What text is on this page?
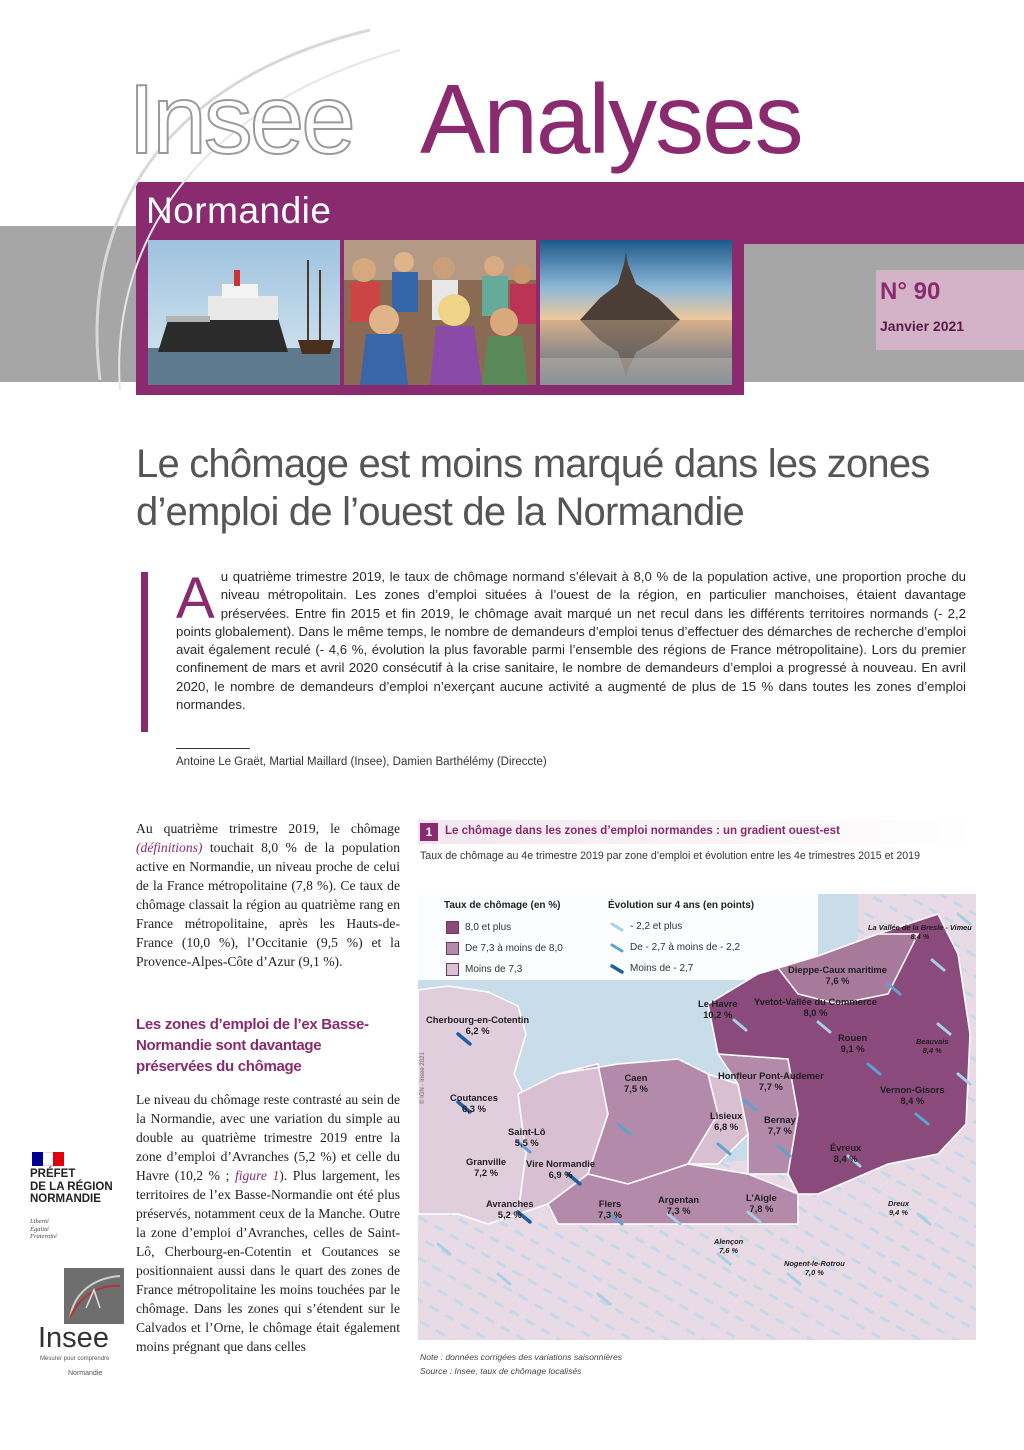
Insee Analyses
Normandie
N° 90
Janvier 2021
Le chômage est moins marqué dans les zones d’emploi de l’ouest de la Normandie

Au quatrième trimestre 2019, le taux de chômage normand s’élevait à 8,0 % de la population active, une proportion proche du niveau métropolitain. Les zones d’emploi situées à l’ouest de la région, en particulier manchoises, étaient davantage préservées. Entre fin 2015 et fin 2019, le chômage avait marqué un net recul dans les différents territoires normands (- 2,2 points globalement). Dans le même temps, le nombre de demandeurs d’emploi tenus d’effectuer des démarches de recherche d’emploi avait également reculé (- 4,6 %, évolution la plus favorable parmi l’ensemble des régions de France métropolitaine). Lors du premier confinement de mars et avril 2020 consécutif à la crise sanitaire, le nombre de demandeurs d’emploi a progressé à nouveau. En avril 2020, le nombre de demandeurs d’emploi n’exerçant aucune activité a augmenté de plus de 15 % dans toutes les zones d’emploi normandes.

Antoine Le Graët, Martial Maillard (Insee), Damien Barthélémy (Direccte)

Au quatrième trimestre 2019, le chômage (définitions) touchait 8,0 % de la population active en Normandie, un niveau proche de celui de la France métropolitaine (7,8 %). Ce taux de chômage classait la région au quatrième rang en France métropolitaine, après les Hauts-de-France (10,0 %), l’Occitanie (9,5 %) et la Provence-Alpes-Côte d’Azur (9,1 %).

Les zones d’emploi de l’ex Basse-Normandie sont davantage préservées du chômage

Le niveau du chômage reste contrasté au sein de la Normandie, avec une variation du simple au double au quatrième trimestre 2019 entre la zone d’emploi d’Avranches (5,2 %) et celle du Havre (10,2 % ; figure 1). Plus largement, les territoires de l’ex Basse-Normandie ont été plus préservés, notamment ceux de la Manche. Outre la zone d’emploi d’Avranches, celles de Saint-Lô, Cherbourg-en-Cotentin et Coutances se positionnaient aussi dans le quart des zones de France métropolitaine les moins touchées par le chômage. Dans les zones qui s’étendent sur le Calvados et l’Orne, le chômage était également moins prégnant que dans celles

PRÉFET
DE LA RÉGION
NORMANDIE
Liberté
Égalité
Fraternité
Insee
Mesurer pour comprendre
Normandie
1	Le chômage dans les zones d’emploi normandes : un gradient ouest-est
Taux de chômage au 4e trimestre 2019 par zone d’emploi et évolution entre les 4e trimestres 2015 et 2019
Cherbourg-en-Cotentin
6,2 %
Coutances
6,3 %
Saint-Lô
5,5 %
Granville
7,2 %
Vire Normandie
6,9 %
Avranches
5,2 %
Caen
7,5 %
Flers
7,3 %
Argentan
7,3 %
L’Aigle
7,8 %
Lisieux
6,8 %
Bernay
7,7 %
Honfleur Pont-Audemer
7,7 %
Le Havre
10,2 %
Yvetot-Vallée du Commerce
8,0 %
Dieppe-Caux maritime
7,6 %
Rouen
9,1 %
Vernon-Gisors
8,4 %
Évreux
8,4 %
La Vallée de la Bresle - Vimeu
8,4 %
Beauvais
8,4 %
Dreux
9,4 %
Alençon
7,6 %
Nogent-le-Rotrou
7,0 %
© IGN - Insee 2021
Taux de chômage (en %)
8,0 et plus
De 7,3 à moins de 8,0
Moins de 7,3
Évolution sur 4 ans (en points)
- 2,2 et plus
De - 2,7 à moins de - 2,2
Moins de - 2,7
Note : données corrigées des variations saisonnières
Source : Insee, taux de chômage localisés
